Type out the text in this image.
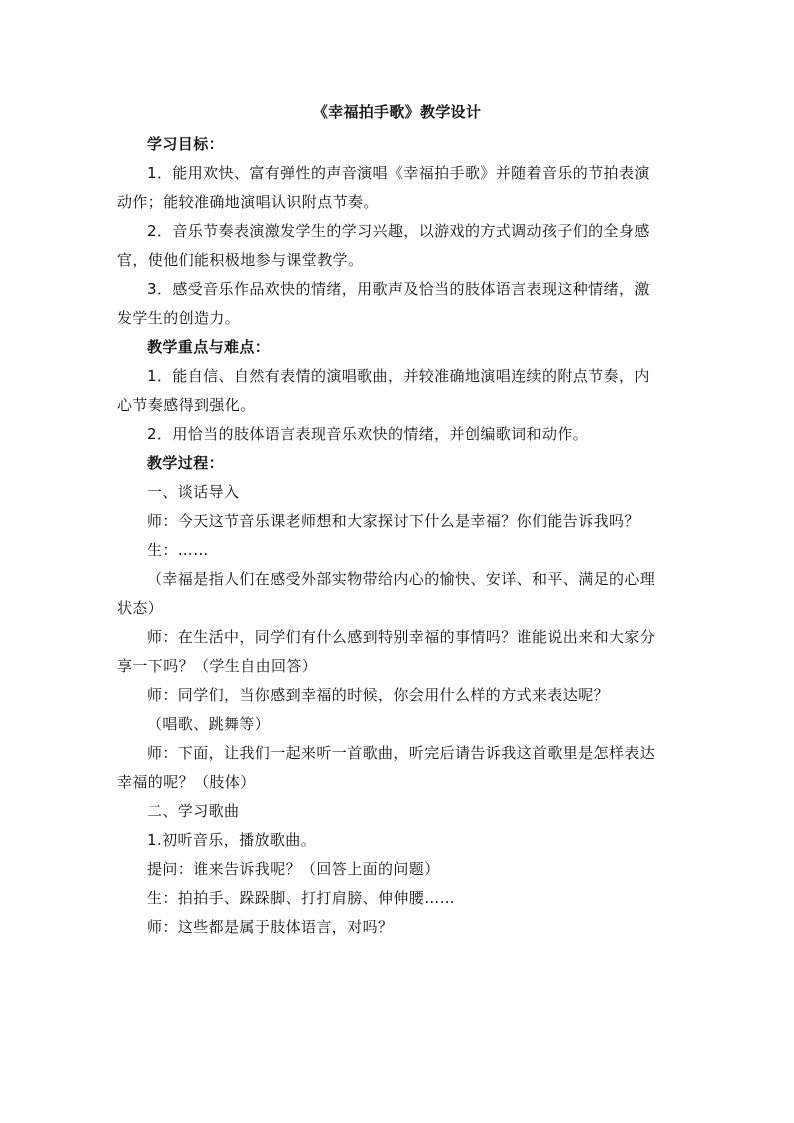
《幸福拍手歌》教学设计
学习目标：
1．能用欢快、富有弹性的声音演唱《幸福拍手歌》并随着音乐的节拍表演
动作；能较准确地演唱认识附点节奏。
2．音乐节奏表演激发学生的学习兴趣，以游戏的方式调动孩子们的全身感
官，使他们能积极地参与课堂教学。
3．感受音乐作品欢快的情绪，用歌声及恰当的肢体语言表现这种情绪，激
发学生的创造力。
教学重点与难点：
1．能自信、自然有表情的演唱歌曲，并较准确地演唱连续的附点节奏，内
心节奏感得到强化。
2．用恰当的肢体语言表现音乐欢快的情绪，并创编歌词和动作。
教学过程：
一、谈话导入
师：今天这节音乐课老师想和大家探讨下什么是幸福？你们能告诉我吗？
生：……
（幸福是指人们在感受外部实物带给内心的愉快、安详、和平、满足的心理
状态）
师：在生活中，同学们有什么感到特别幸福的事情吗？谁能说出来和大家分
享一下吗？（学生自由回答）
师：同学们，当你感到幸福的时候，你会用什么样的方式来表达呢？
（唱歌、跳舞等）
师：下面，让我们一起来听一首歌曲，听完后请告诉我这首歌里是怎样表达
幸福的呢？（肢体）
二、学习歌曲
1.初听音乐，播放歌曲。
提问：谁来告诉我呢？（回答上面的问题）
生：拍拍手、跺跺脚、打打肩膀、伸伸腰……
师：这些都是属于肢体语言，对吗？
